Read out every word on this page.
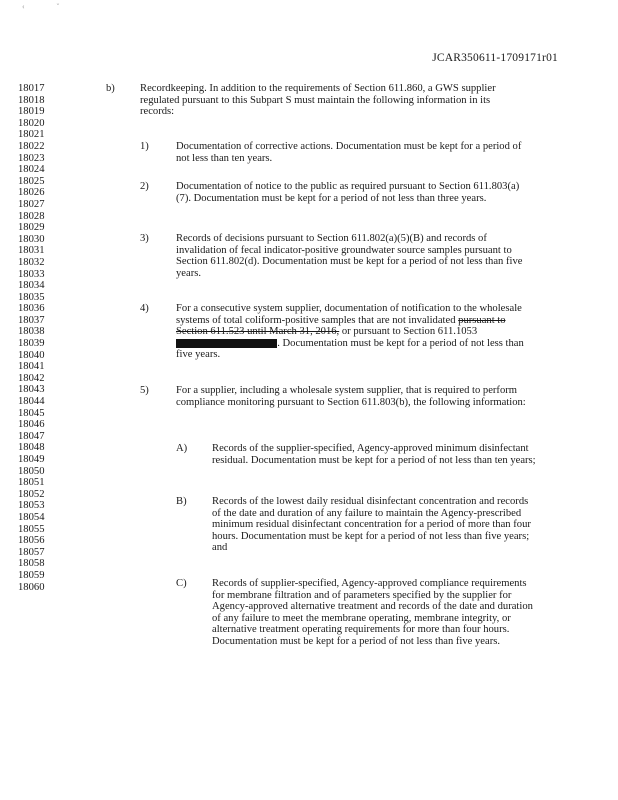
‹	˘
JCAR350611-1709171r01
18017
18018
18019
18020
18021
18022
18023
18024
18025
18026
18027
18028
18029
18030
18031
18032
18033
18034
18035
18036
18037
18038
18039
18040
18041
18042
18043
18044
18045
18046
18047
18048
18049
18050
18051
18052
18053
18054
18055
18056
18057
18058
18059
18060
b) Recordkeeping. In addition to the requirements of Section 611.860, a GWS supplier regulated pursuant to this Subpart S must maintain the following information in its records:
1)	Documentation of corrective actions. Documentation must be kept for a period of not less than ten years.
2)	Documentation of notice to the public as required pursuant to Section 611.803(a)(7). Documentation must be kept for a period of not less than three years.
3)	Records of decisions pursuant to Section 611.802(a)(5)(B) and records of invalidation of fecal indicator-positive groundwater source samples pursuant to Section 611.802(d). Documentation must be kept for a period of not less than five years.
4)	For a consecutive system supplier, documentation of notification to the wholesale systems of total coliform-positive samples that are not invalidated pursuant to Section 611.523 until March 31, 2016, or pursuant to Section 611.1053 . Documentation must be kept for a period of not less than five years.
5)	For a supplier, including a wholesale system supplier, that is required to perform compliance monitoring pursuant to Section 611.803(b), the following information:
A) Records of the supplier-specified, Agency-approved minimum disinfectant residual. Documentation must be kept for a period of not less than ten years;
B) Records of the lowest daily residual disinfectant concentration and records of the date and duration of any failure to maintain the Agency-prescribed minimum residual disinfectant concentration for a period of more than four hours. Documentation must be kept for a period of not less than five years; and
C) Records of supplier-specified, Agency-approved compliance requirements for membrane filtration and of parameters specified by the supplier for Agency-approved alternative treatment and records of the date and duration of any failure to meet the membrane operating, membrane integrity, or alternative treatment operating requirements for more than four hours. Documentation must be kept for a period of not less than five years.
